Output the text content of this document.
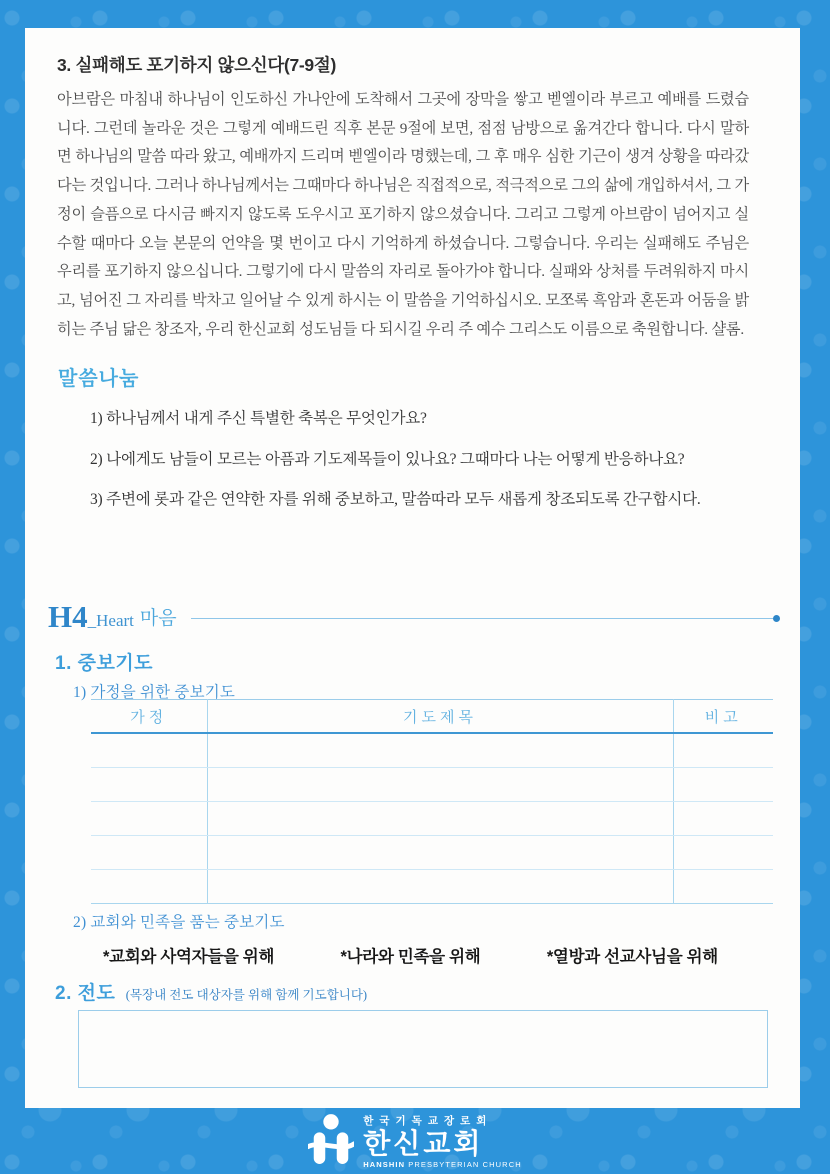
3. 실패해도 포기하지 않으신다(7-9절)

아브람은 마침내 하나님이 인도하신 가나안에 도착해서 그곳에 장막을 쌓고 벧엘이라 부르고 예배를 드렸습니다. 그런데 놀라운 것은 그렇게 예배드린 직후 본문 9절에 보면, 점점 남방으로 옮겨간다 합니다. 다시 말하면 하나님의 말씀 따라 왔고, 예배까지 드리며 벧엘이라 명했는데, 그 후 매우 심한 기근이 생겨 상황을 따라갔다는 것입니다. 그러나 하나님께서는 그때마다 하나님은 직접적으로, 적극적으로 그의 삶에 개입하셔서, 그 가정이 슬픔으로 다시금 빠지지 않도록 도우시고 포기하지 않으셨습니다. 그리고 그렇게 아브람이 넘어지고 실수할 때마다 오늘 본문의 언약을 몇 번이고 다시 기억하게 하셨습니다. 그렇습니다. 우리는 실패해도 주님은 우리를 포기하지 않으십니다. 그렇기에 다시 말씀의 자리로 돌아가야 합니다. 실패와 상처를 두려워하지 마시고, 넘어진 그 자리를 박차고 일어날 수 있게 하시는 이 말씀을 기억하십시오. 모쪼록 흑암과 혼돈과 어둠을 밝히는 주님 닮은 창조자, 우리 한신교회 성도님들 다 되시길 우리 주 예수 그리스도 이름으로 축원합니다. 샬롬.

말씀나눔
1) 하나님께서 내게 주신 특별한 축복은 무엇인가요?
2) 나에게도 남들이 모르는 아픔과 기도제목들이 있나요? 그때마다 나는 어떻게 반응하나요?
3) 주변에 롯과 같은 연약한 자를 위해 중보하고, 말씀따라 모두 새롭게 창조되도록 간구합시다.
H4 _Heart 마음
1. 중보기도
1) 가정을 위한 중보기도
가정	기도제목	비고

2) 교회와 민족을 품는 중보기도
*교회와 사역자들을 위해	*나라와 민족을 위해	*열방과 선교사님을 위해
2. 전도 (목장내 전도 대상자를 위해 함께 기도합니다)
한국기독교장로회
한신교회
HANSHIN PRESBYTERIAN CHURCH
